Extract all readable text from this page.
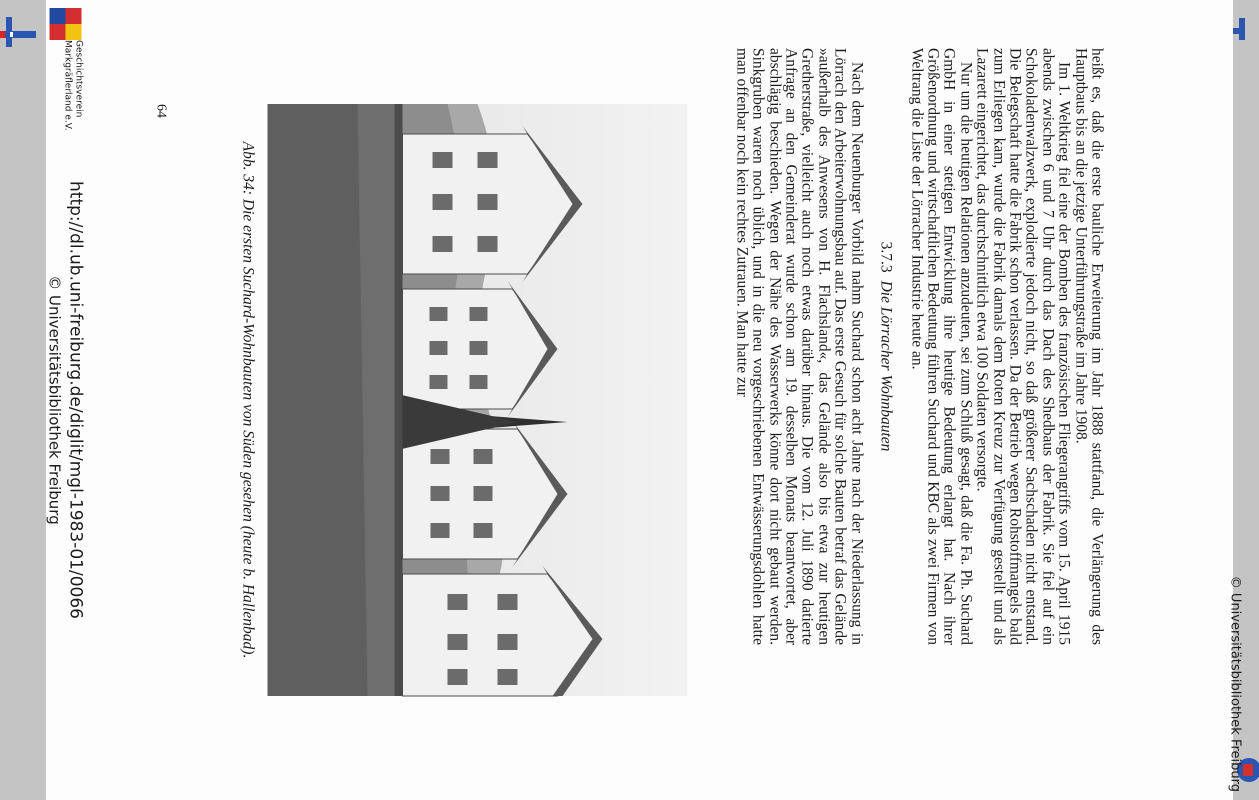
© Universitätsbibliothek Freiburg

heißt es, daß die erste bauliche Erweiterung im Jahr 1888 stattfand, die Verlängerung des Hauptbaus bis an die jetzige Unterführungstraße im Jahre 1908.

Im 1. Weltkrieg fiel eine der Bomben des französischen Fliegerangriffs vom 15. April 1915 abends zwischen 6 und 7 Uhr durch das Dach des Shedbaus der Fabrik. Sie fiel auf ein Schokoladenwalzwerk, explodierte jedoch nicht, so daß größerer Sachschaden nicht entstand. Die Belegschaft hatte die Fabrik schon verlassen. Da der Betrieb wegen Rohstoffmangels bald zum Erliegen kam, wurde die Fabrik damals dem Roten Kreuz zur Verfügung gestellt und als Lazarett eingerichtet, das durchschnittlich etwa 100 Soldaten versorgte.

Nur um die heutigen Relationen anzudeuten, sei zum Schluß gesagt, daß die Fa. Ph. Suchard GmbH in einer stetigen Entwicklung ihre heutige Bedeutung erlangt hat. Nach ihrer Größenordnung und wirtschaftlichen Bedeutung führen Suchard und KBC als zwei Firmen von Weltrang die Liste der Lörracher Industrie heute an.

3.7.3Die Lörracher Wohnbauten

Nach dem Neuenburger Vorbild nahm Suchard schon acht Jahre nach der Niederlassung in Lörrach den Arbeiterwohnungsbau auf. Das erste Gesuch für solche Bauten betraf das Gelände »außerhalb des Anwesens von H. Flachsland«, das Gelände also bis etwa zur heutigen Gretherstraße, vielleicht auch noch etwas darüber hinaus. Die vom 12. Juli 1890 datierte Anfrage an den Gemeinderat wurde schon am 19. desselben Monats beantwortet, aber abschlägig beschieden. Wegen der Nähe des Wasserwerks könne dort nicht gebaut werden. Sinkgruben waren noch üblich, und in die neu vorgeschriebenen Entwässerungsdohlen hatte man offenbar noch kein rechtes Zutrauen. Man hatte zur

Abb. 34: Die ersten Suchard-Wohnbauten von Süden gesehen (heute b. Hallenbad).
64
http://dl.ub.uni-freiburg.de/diglit/mgl-1983-01/0066
© Universitätsbibliothek Freiburg
Geschichtsverein
Markgräflerland e.V.
